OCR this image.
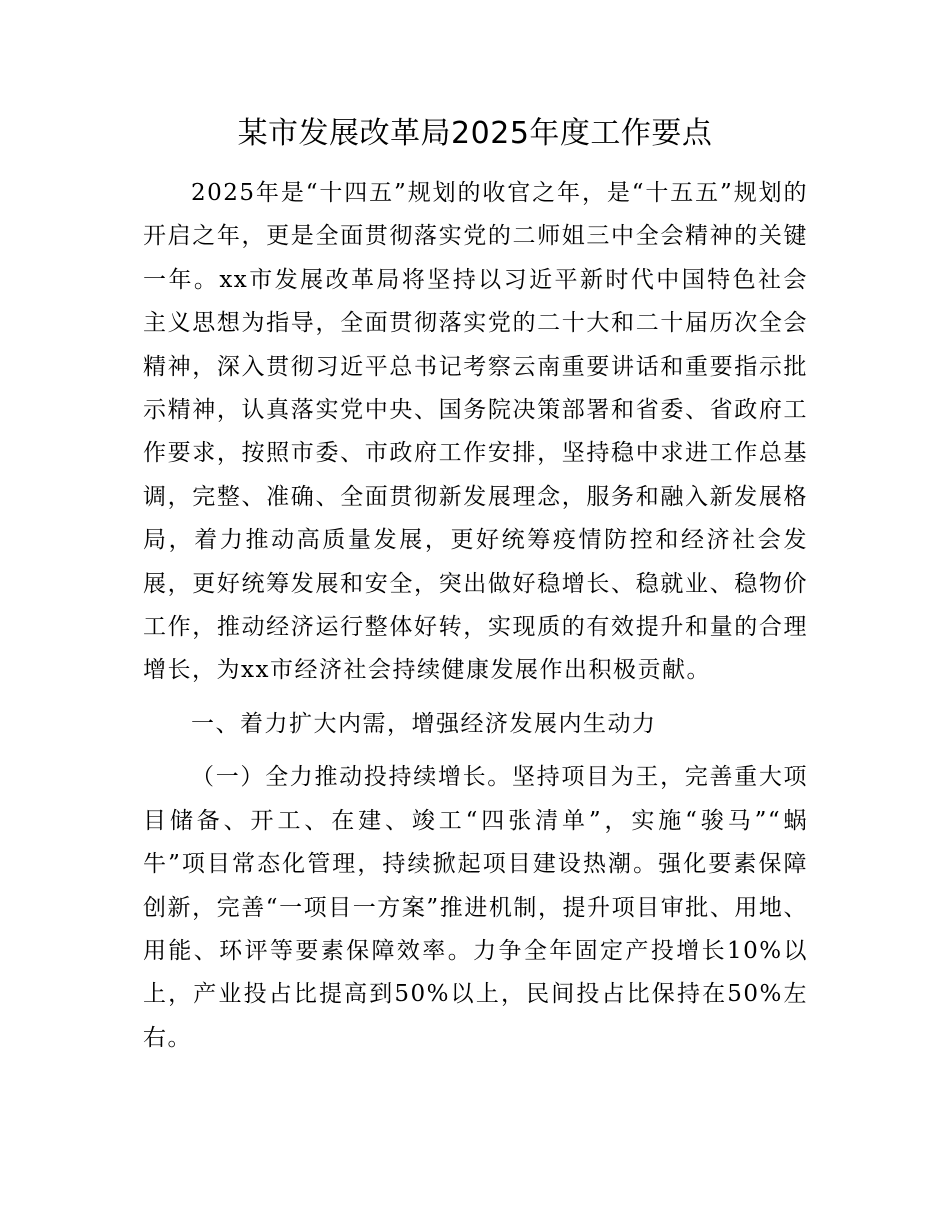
某市发展改革局2025年度工作要点

2025年是“十四五”规划的收官之年，是“十五五”规划的开启之年，更是全面贯彻落实党的二师姐三中全会精神的关键一年。xx市发展改革局将坚持以习近平新时代中国特色社会主义思想为指导，全面贯彻落实党的二十大和二十届历次全会精神，深入贯彻习近平总书记考察云南重要讲话和重要指示批示精神，认真落实党中央、国务院决策部署和省委、省政府工作要求，按照市委、市政府工作安排，坚持稳中求进工作总基调，完整、准确、全面贯彻新发展理念，服务和融入新发展格局，着力推动高质量发展，更好统筹疫情防控和经济社会发展，更好统筹发展和安全，突出做好稳增长、稳就业、稳物价工作，推动经济运行整体好转，实现质的有效提升和量的合理增长，为xx市经济社会持续健康发展作出积极贡献。

一、着力扩大内需，增强经济发展内生动力

（一）全力推动投持续增长。坚持项目为王，完善重大项目储备、开工、在建、竣工“四张清单”，实施“骏马”“蜗牛”项目常态化管理，持续掀起项目建设热潮。强化要素保障创新，完善“一项目一方案”推进机制，提升项目审批、用地、用能、环评等要素保障效率。力争全年固定产投增长10%以上，产业投占比提高到50%以上，民间投占比保持在50%左右。
